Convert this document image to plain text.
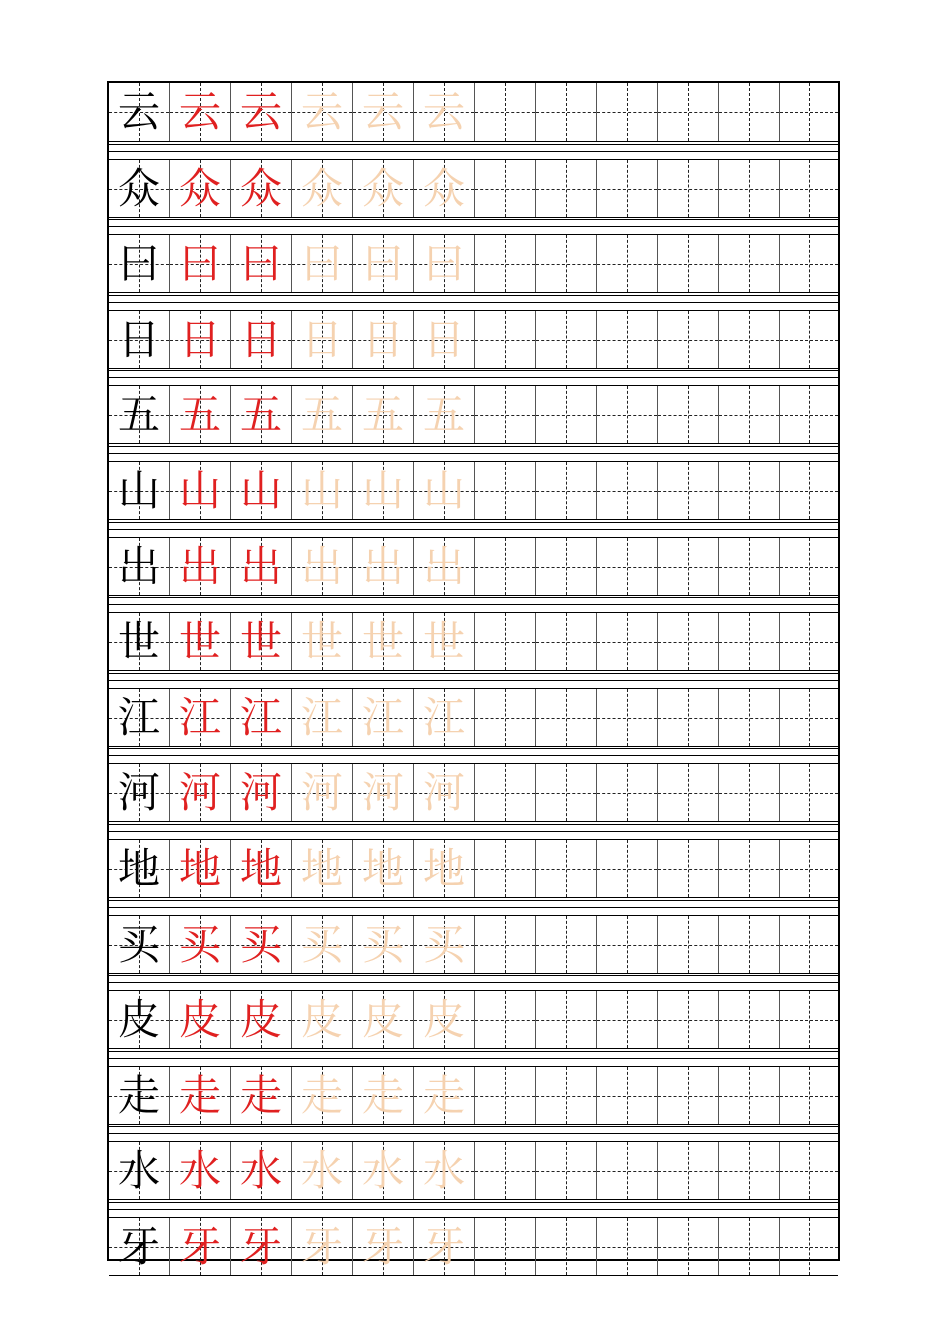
云 云 云 云 云 云
众 众 众 众 众 众
曰 曰 曰 曰 曰 曰
日 日 日 日 日 日
五 五 五 五 五 五
山 山 山 山 山 山
出 出 出 出 出 出
世 世 世 世 世 世
江 江 江 江 江 江
河 河 河 河 河 河
地 地 地 地 地 地
买 买 买 买 买 买
皮 皮 皮 皮 皮 皮
走 走 走 走 走 走
水 水 水 水 水 水
牙 牙 牙 牙 牙 牙
